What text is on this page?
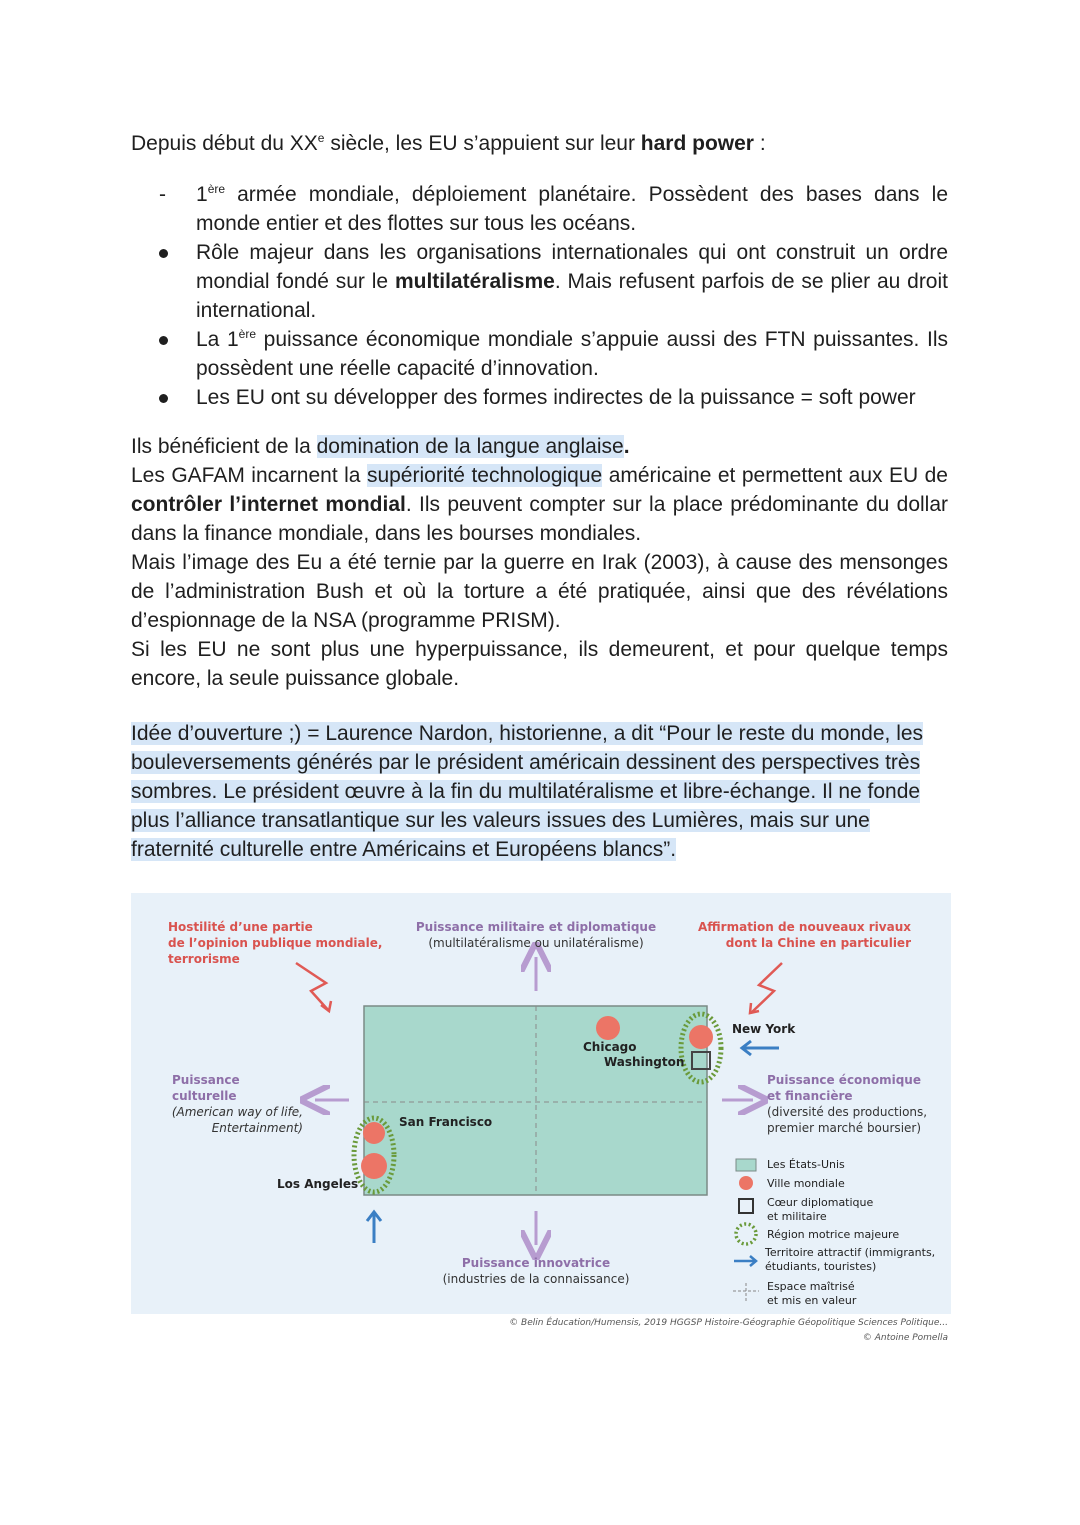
Depuis début du XXe siècle, les EU s’appuient sur leur hard power :
-	1ère armée mondiale, déploiement planétaire. Possèdent des bases dans le monde entier et des flottes sur tous les océans.
Rôle majeur dans les organisations internationales qui ont construit un ordre mondial fondé sur le multilatéralisme. Mais refusent parfois de se plier au droit international.
La 1ère puissance économique mondiale s’appuie aussi des FTN puissantes. Ils possèdent une réelle capacité d’innovation.
Les EU ont su développer des formes indirectes de la puissance = soft power
Ils bénéficient de la domination de la langue anglaise.
Les GAFAM incarnent la supériorité technologique américaine et permettent aux EU de contrôler l’internet mondial. Ils peuvent compter sur la place prédominante du dollar dans la finance mondiale, dans les bourses mondiales.
Mais l’image des Eu a été ternie par la guerre en Irak (2003), à cause des mensonges de l’administration Bush et où la torture a été pratiquée, ainsi que des révélations d’espionnage de la NSA (programme PRISM).
Si les EU ne sont plus une hyperpuissance, ils demeurent, et pour quelque temps encore, la seule puissance globale.
Idée d’ouverture ;) = Laurence Nardon, historienne, a dit “Pour le reste du monde, les bouleversements générés par le président américain dessinent des perspectives très sombres. Le président œuvre à la fin du multilatéralisme et libre-échange. Il ne fonde plus l’alliance transatlantique sur les valeurs issues des Lumières, mais sur une fraternité culturelle entre Américains et Européens blancs”.
Hostilité d’une partie
de l’opinion publique mondiale,
terrorisme
Puissance militaire et diplomatique
(multilatéralisme ou unilatéralisme)
Affirmation de nouveaux rivaux
dont la Chine en particulier
Puissance culturelle
(American way of life,
Entertainment)
Puissance économique
et financière
(diversité des productions,
premier marché boursier)
Puissance innovatrice
(industries de la connaissance)
New York
Chicago
Washington
San Francisco
Los Angeles
Les États-Unis
Ville mondiale
Cœur diplomatique
et militaire
Région motrice majeure
Territoire attractif (immigrants,
étudiants, touristes)
Espace maîtrisé
et mis en valeur
© Belin Éducation/Humensis, 2019 HGGSP Histoire-Géographie Géopolitique Sciences Politique...
© Antoine Pomella
